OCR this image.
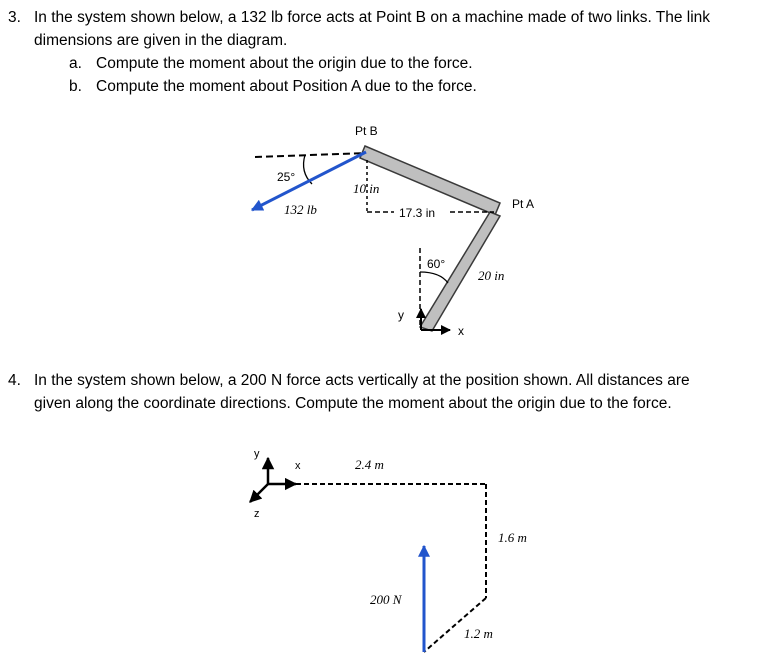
3. In the system shown below, a 132 lb force acts at Point B on a machine made of two links. The link
dimensions are given in the diagram.
a. Compute the moment about the origin due to the force.
b. Compute the moment about Position A due to the force.
Pt B
Pt A
25°
132 lb
10 in
17.3 in
60°
20 in
y
x
4. In the system shown below, a 200 N force acts vertically at the position shown. All distances are
given along the coordinate directions. Compute the moment about the origin due to the force.
y
x
z
2.4 m
1.6 m
200 N
1.2 m
